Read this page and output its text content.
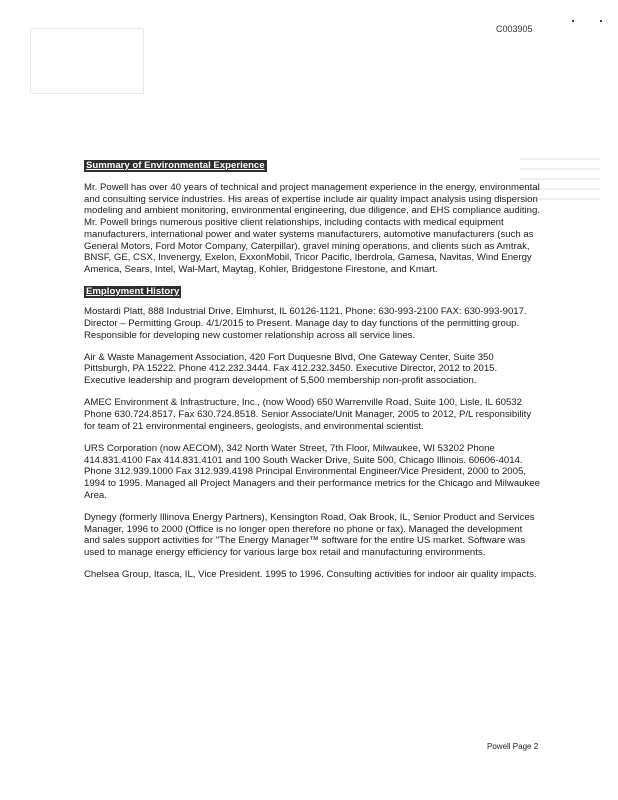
C003905
Summary of Environmental Experience

Mr. Powell has over 40 years of technical and project management experience in the energy, environmental and consulting service industries. His areas of expertise include air quality impact analysis using dispersion modeling and ambient monitoring, environmental engineering, due diligence, and EHS compliance auditing. Mr. Powell brings numerous positive client relationships, including contacts with medical equipment manufacturers, international power and water systems manufacturers, automotive manufacturers (such as General Motors, Ford Motor Company, Caterpillar), gravel mining operations, and clients such as Amtrak, BNSF, GE, CSX, Invenergy, Exelon, ExxonMobil, Tricor Pacific, Iberdrola, Gamesa, Navitas, Wind Energy America, Sears, Intel, Wal-Mart, Maytag, Kohler, Bridgestone Firestone, and Kmart.

Employment History

Mostardi Platt, 888 Industrial Drive, Elmhurst, IL 60126-1121. Phone: 630-993-2100 FAX: 630-993-9017. Director – Permitting Group. 4/1/2015 to Present. Manage day to day functions of the permitting group. Responsible for developing new customer relationship across all service lines.

Air & Waste Management Association, 420 Fort Duquesne Blvd, One Gateway Center, Suite 350 Pittsburgh, PA 15222. Phone 412.232.3444. Fax 412.232.3450. Executive Director, 2012 to 2015. Executive leadership and program development of 5,500 membership non-profit association.

AMEC Environment & Infrastructure, Inc., (now Wood) 650 Warrenville Road, Suite 100, Lisle, IL 60532 Phone 630.724.8517. Fax 630.724.8518. Senior Associate/Unit Manager, 2005 to 2012, P/L responsibility for team of 21 environmental engineers, geologists, and environmental scientist.

URS Corporation (now AECOM), 342 North Water Street, 7th Floor, Milwaukee, WI 53202 Phone 414.831.4100 Fax 414.831.4101 and 100 South Wacker Drive, Suite 500, Chicago Illinois. 60606-4014. Phone 312.939.1000 Fax 312.939.4198 Principal Environmental Engineer/Vice President, 2000 to 2005, 1994 to 1995. Managed all Project Managers and their performance metrics for the Chicago and Milwaukee Area.

Dynegy (formerly Illinova Energy Partners), Kensington Road, Oak Brook, IL, Senior Product and Services Manager, 1996 to 2000 (Office is no longer open therefore no phone or fax). Managed the development and sales support activities for "The Energy Manager™ software for the entire US market. Software was used to manage energy efficiency for various large box retail and manufacturing environments.

Chelsea Group, Itasca, IL, Vice President. 1995 to 1996. Consulting activities for indoor air quality impacts.

Powell Page 2
